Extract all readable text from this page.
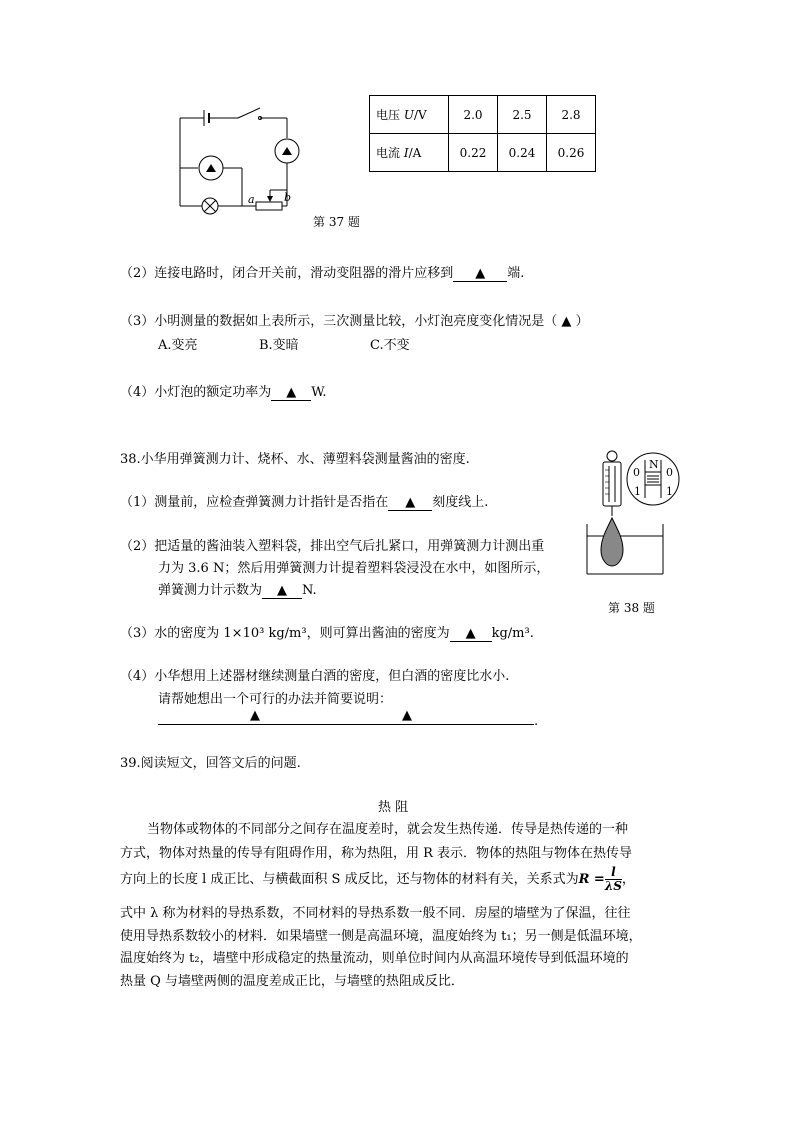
a	b
电压 U/V	2.0	2.5	2.8
电流 I/A	0.22	0.24	0.26
第 37 题
（2）连接电路时，闭合开关前，滑动变阻器的滑片应移到 ▲ 端.
（3）小明测量的数据如上表所示，三次测量比较，小灯泡亮度变化情况是（ ▲ ）
A.变亮	B.变暗	C.不变
（4）小灯泡的额定功率为 ▲ W.
38.小华用弹簧测力计、烧杯、水、薄塑料袋测量酱油的密度.
（1）测量前，应检查弹簧测力计指针是否指在 ▲ 刻度线上.
（2）把适量的酱油装入塑料袋，排出空气后扎紧口，用弹簧测力计测出重
力为 3.6 N；然后用弹簧测力计提着塑料袋浸没在水中，如图所示，
弹簧测力计示数为 ▲ N.
N
0 0
1 1
第 38 题
（3）水的密度为 1×10³ kg/m³，则可算出酱油的密度为 ▲ kg/m³.
（4）小华想用上述器材继续测量白酒的密度，但白酒的密度比水小.
请帮她想出一个可行的办法并简要说明：
▲	▲	.
39.阅读短文，回答文后的问题.
热 阻
当物体或物体的不同部分之间存在温度差时，就会发生热传递．传导是热传递的一种
方式，物体对热量的传导有阻碍作用，称为热阻，用 R 表示．物体的热阻与物体在热传导
方向上的长度 l 成正比、与横截面积 S 成反比，还与物体的材料有关，关系式为$R = \frac{l}{\lambda S}$ ，
式中 λ 称为材料的导热系数，不同材料的导热系数一般不同．房屋的墙壁为了保温，往往
使用导热系数较小的材料．如果墙壁一侧是高温环境，温度始终为 t₁；另一侧是低温环境，
温度始终为 t₂，墙壁中形成稳定的热量流动，则单位时间内从高温环境传导到低温环境的
热量 Q 与墙壁两侧的温度差成正比，与墙壁的热阻成反比．
